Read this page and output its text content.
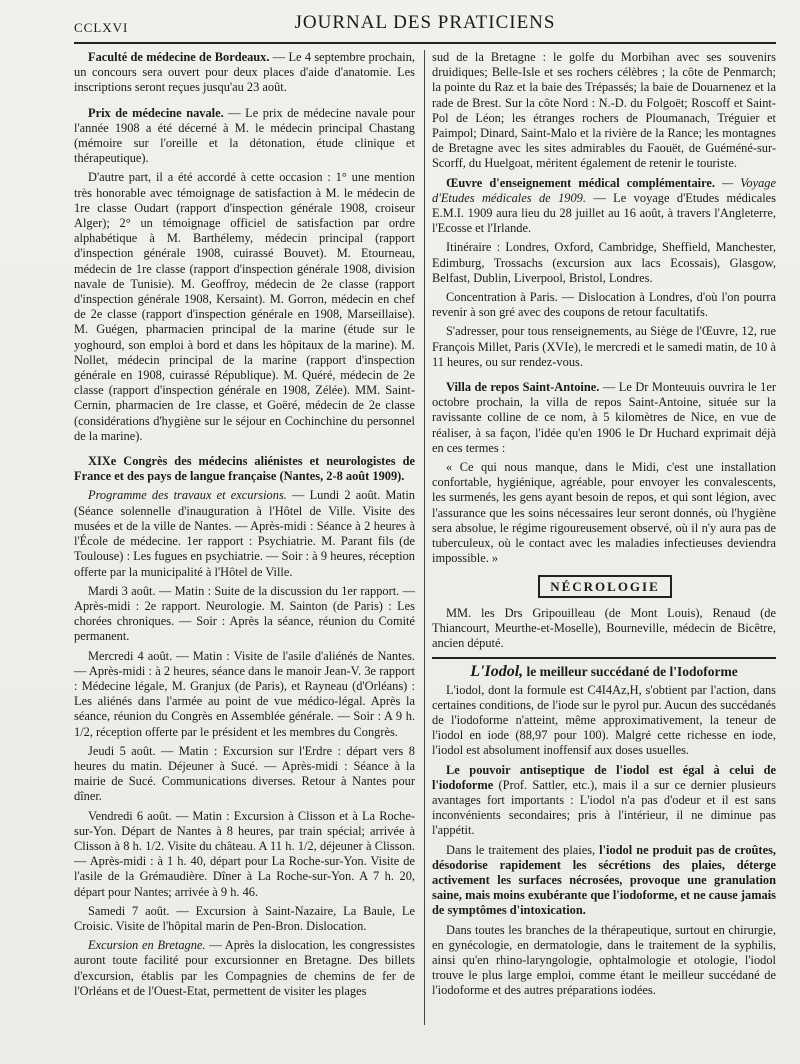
CCLXVI	JOURNAL DES PRATICIENS

Faculté de médecine de Bordeaux. — Le 4 septembre prochain, un concours sera ouvert pour deux places d'aide d'anatomie. Les inscriptions seront reçues jusqu'au 23 août.

Prix de médecine navale. — Le prix de médecine navale pour l'année 1908 a été décerné à M. le médecin principal Chastang (mémoire sur l'oreille et la détonation, étude clinique et thérapeutique).

D'autre part, il a été accordé à cette occasion : 1° une mention très honorable avec témoignage de satisfaction à M. le médecin de 1re classe Oudart (rapport d'inspection générale 1908, croiseur Alger); 2° un témoignage officiel de satisfaction par ordre alphabétique à M. Barthélemy, médecin principal (rapport d'inspection générale 1908, cuirassé Bouvet). M. Etourneau, médecin de 1re classe (rapport d'inspection générale 1908, division navale de Tunisie). M. Geoffroy, médecin de 2e classe (rapport d'inspection générale 1908, Kersaint). M. Gorron, médecin en chef de 2e classe (rapport d'inspection générale en 1908, Marseillaise). M. Guégen, pharmacien principal de la marine (étude sur le yoghourd, son emploi à bord et dans les hôpitaux de la marine). M. Nollet, médecin principal de la marine (rapport d'inspection générale en 1908, cuirassé République). M. Quéré, médecin de 2e classe (rapport d'inspection générale en 1908, Zélée). MM. Saint-Cernin, pharmacien de 1re classe, et Goëré, médecin de 2e classe (considérations d'hygiène sur le séjour en Cochinchine du personnel de la marine).

XIXe Congrès des médecins aliénistes et neurologistes de France et des pays de langue française (Nantes, 2-8 août 1909).

Programme des travaux et excursions. — Lundi 2 août. Matin (Séance solennelle d'inauguration à l'Hôtel de Ville. Visite des musées et de la ville de Nantes. — Après-midi : Séance à 2 heures à l'École de médecine. 1er rapport : Psychiatrie. M. Parant fils (de Toulouse) : Les fugues en psychiatrie. — Soir : à 9 heures, réception offerte par la municipalité à l'Hôtel de Ville.

Mardi 3 août. — Matin : Suite de la discussion du 1er rapport. — Après-midi : 2e rapport. Neurologie. M. Sainton (de Paris) : Les chorées chroniques. — Soir : Après la séance, réunion du Comité permanent.

Mercredi 4 août. — Matin : Visite de l'asile d'aliénés de Nantes. — Après-midi : à 2 heures, séance dans le manoir Jean-V. 3e rapport : Médecine légale, M. Granjux (de Paris), et Rayneau (d'Orléans) : Les aliénés dans l'armée au point de vue médico-légal. Après la séance, réunion du Congrès en Assemblée générale. — Soir : A 9 h. 1/2, réception offerte par le président et les membres du Congrès.

Jeudi 5 août. — Matin : Excursion sur l'Erdre : départ vers 8 heures du matin. Déjeuner à Sucé. — Après-midi : Séance à la mairie de Sucé. Communications diverses. Retour à Nantes pour dîner.

Vendredi 6 août. — Matin : Excursion à Clisson et à La Roche-sur-Yon. Départ de Nantes à 8 heures, par train spécial; arrivée à Clisson à 8 h. 1/2. Visite du château. A 11 h. 1/2, déjeuner à Clisson. — Après-midi : à 1 h. 40, départ pour La Roche-sur-Yon. Visite de l'asile de la Grémaudière. Dîner à La Roche-sur-Yon. A 7 h. 20, départ pour Nantes; arrivée à 9 h. 46.

Samedi 7 août. — Excursion à Saint-Nazaire, La Baule, Le Croisic. Visite de l'hôpital marin de Pen-Bron. Dislocation.

Excursion en Bretagne. — Après la dislocation, les congressistes auront toute facilité pour excursionner en Bretagne. Des billets d'excursion, établis par les Compagnies de chemins de fer de l'Orléans et de l'Ouest-Etat, permettent de visiter les plages

sud de la Bretagne : le golfe du Morbihan avec ses souvenirs druidiques; Belle-Isle et ses rochers célèbres ; la côte de Penmarch; la pointe du Raz et la baie des Trépassés; la baie de Douarnenez et la rade de Brest. Sur la côte Nord : N.-D. du Folgoët; Roscoff et Saint-Pol de Léon; les étranges rochers de Ploumanach, Tréguier et Paimpol; Dinard, Saint-Malo et la rivière de la Rance; les montagnes de Bretagne avec les sites admirables du Faouët, de Guéméné-sur-Scorff, du Huelgoat, méritent également de retenir le touriste.

Œuvre d'enseignement médical complémentaire. — Voyage d'Etudes médicales de 1909. — Le voyage d'Etudes médicales E.M.I. 1909 aura lieu du 28 juillet au 16 août, à travers l'Angleterre, l'Ecosse et l'Irlande.

Itinéraire : Londres, Oxford, Cambridge, Sheffield, Manchester, Edimburg, Trossachs (excursion aux lacs Ecossais), Glasgow, Belfast, Dublin, Liverpool, Bristol, Londres.

Concentration à Paris. — Dislocation à Londres, d'où l'on pourra revenir à son gré avec des coupons de retour facultatifs.

S'adresser, pour tous renseignements, au Siège de l'Œuvre, 12, rue François Millet, Paris (XVIe), le mercredi et le samedi matin, de 10 à 11 heures, ou sur rendez-vous.

Villa de repos Saint-Antoine. — Le Dr Monteuuis ouvrira le 1er octobre prochain, la villa de repos Saint-Antoine, située sur la ravissante colline de ce nom, à 5 kilomètres de Nice, en vue de réaliser, à sa façon, l'idée qu'en 1906 le Dr Huchard exprimait déjà en ces termes :

« Ce qui nous manque, dans le Midi, c'est une installation confortable, hygiénique, agréable, pour envoyer les convalescents, les surmenés, les gens ayant besoin de repos, et qui sont légion, avec l'assurance que les soins nécessaires leur seront donnés, où l'hygiène sera absolue, le régime rigoureusement observé, où il n'y aura pas de tuberculeux, où le contact avec les maladies infectieuses deviendra impossible. »

NÉCROLOGIE

MM. les Drs Gripouilleau (de Mont Louis), Renaud (de Thiancourt, Meurthe-et-Moselle), Bourneville, médecin de Bicêtre, ancien député.

L'Iodol, le meilleur succédané de l'Iodoforme

L'iodol, dont la formule est C4I4Az,H, s'obtient par l'action, dans certaines conditions, de l'iode sur le pyrol pur. Aucun des succédanés de l'iodoforme n'atteint, même approximativement, la teneur de l'iodol en iode (88,97 pour 100). Malgré cette richesse en iode, l'iodol est absolument inoffensif aux doses usuelles.

Le pouvoir antiseptique de l'iodol est égal à celui de l'iodoforme (Prof. Sattler, etc.), mais il a sur ce dernier plusieurs avantages fort importants : L'iodol n'a pas d'odeur et il est sans inconvénients secondaires; pris à l'intérieur, il ne diminue pas l'appétit.

Dans le traitement des plaies, l'iodol ne produit pas de croûtes, désodorise rapidement les sécrétions des plaies, déterge activement les surfaces nécrosées, provoque une granulation saine, mais moins exubérante que l'iodoforme, et ne cause jamais de symptômes d'intoxication.

Dans toutes les branches de la thérapeutique, surtout en chirurgie, en gynécologie, en dermatologie, dans le traitement de la syphilis, ainsi qu'en rhino-laryngologie, ophtalmologie et otologie, l'iodol trouve le plus large emploi, comme étant le meilleur succédané de l'iodoforme et des autres préparations iodées.
